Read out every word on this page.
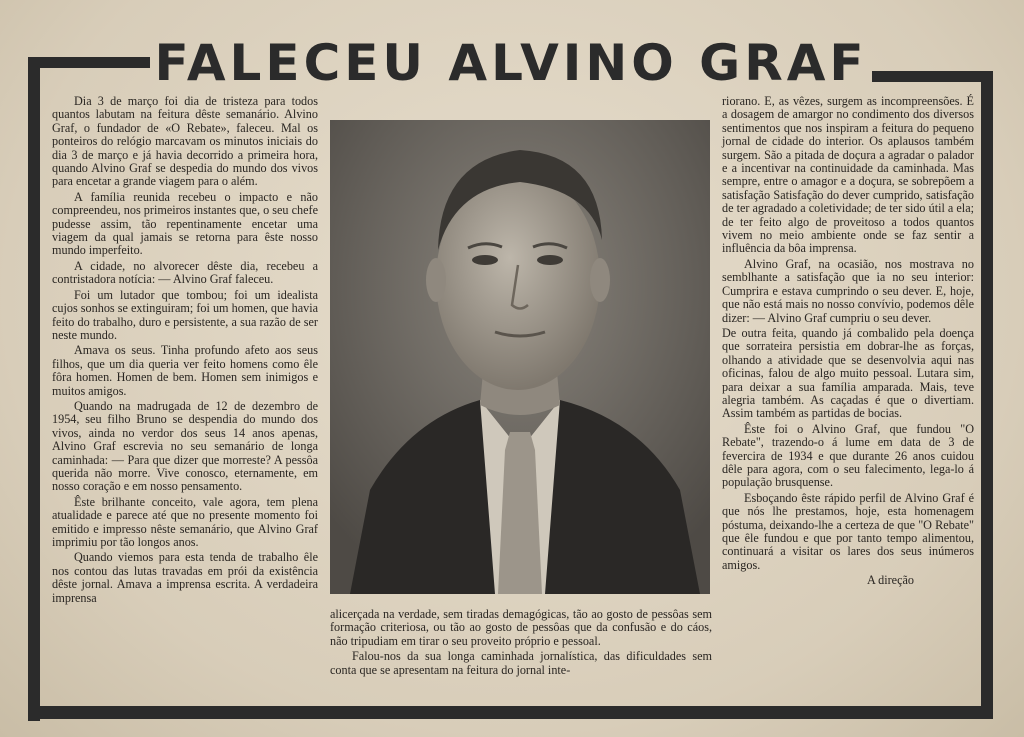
FALECEU ALVINO GRAF

Dia 3 de março foi dia de tristeza para todos quantos labutam na feitura dêste semanário. Alvino Graf, o fundador de «O Rebate», faleceu. Mal os ponteiros do relógio marcavam os minutos iniciais do dia 3 de março e já havia decorrido a primeira hora, quando Alvino Graf se despedia do mundo dos vivos para encetar a grande viagem para o além.

A família reunida recebeu o impacto e não compreendeu, nos primeiros instantes que, o seu chefe pudesse assim, tão repentinamente encetar uma viagem da qual jamais se retorna para êste nosso mundo imperfeito.

A cidade, no alvorecer dêste dia, recebeu a contristadora notícia: — Alvino Graf faleceu.

Foi um lutador que tombou; foi um idealista cujos sonhos se extinguiram; foi um homen, que havia feito do trabalho, duro e persistente, a sua razão de ser neste mundo.

Amava os seus. Tinha profundo afeto aos seus filhos, que um dia queria ver feito homens como êle fôra homen. Homen de bem. Homen sem inimigos e muitos amigos.

Quando na madrugada de 12 de dezembro de 1954, seu filho Bruno se despendia do mundo dos vivos, ainda no verdor dos seus 14 anos apenas, Alvino Graf escrevia no seu semanário de longa caminhada: — Para que dizer que morreste? A pessôa querida não morre. Vive conosco, eternamente, em nosso coração e em nosso pensamento.

Êste brilhante conceito, vale agora, tem plena atualidade e parece até que no presente momento foi emitido e impresso nêste semanário, que Alvino Graf imprimiu por tão longos anos.

Quando viemos para esta tenda de trabalho êle nos contou das lutas travadas em prói da existência dêste jornal. Amava a imprensa escrita. A verdadeira imprensa

alicerçada na verdade, sem tiradas demagógicas, tão ao gosto de pessôas sem formação criteriosa, ou tão ao gosto de pessôas que da confusão e do cáos, não tripudiam em tirar o seu proveito próprio e pessoal.

Falou-nos da sua longa caminhada jornalística, das dificuldades sem conta que se apresentam na feitura do jornal inte-

riorano. E, as vêzes, surgem as incompreensões. É a dosagem de amargor no condimento dos diversos sentimentos que nos inspiram a feitura do pequeno jornal de cidade do interior. Os aplausos também surgem. São a pitada de doçura a agradar o palador e a incentivar na continuidade da caminhada. Mas sempre, entre o amagor e a doçura, se sobrepõem a satisfação Satisfação do dever cumprido, satisfação de ter agradado a coletividade; de ter sido útil a ela; de ter feito algo de proveitoso a todos quantos vivem no meio ambiente onde se faz sentir a influência da bôa imprensa.

Alvino Graf, na ocasião, nos mostrava no semblhante a satisfação que ia no seu interior: Cumprira e estava cumprindo o seu dever. E, hoje, que não está mais no nosso convívio, podemos dêle dizer: — Alvino Graf cumpriu o seu dever.

De outra feita, quando já combalido pela doença que sorrateira persistia em dobrar-lhe as forças, olhando a atividade que se desenvolvia aqui nas oficinas, falou de algo muito pessoal. Lutara sim, para deixar a sua família amparada. Mais, teve alegria também. As caçadas é que o divertiam. Assim também as partidas de bocias.

Êste foi o Alvino Graf, que fundou "O Rebate", trazendo-o á lume em data de 3 de fevercira de 1934 e que durante 26 anos cuidou dêle para agora, com o seu falecimento, lega-lo á população brusquense.

Esboçando êste rápido perfil de Alvino Graf é que nós lhe prestamos, hoje, esta homenagem póstuma, deixando-lhe a certeza de que "O Rebate" que êle fundou e que por tanto tempo alimentou, continuará a visitar os lares dos seus inúmeros amigos.

A direção
